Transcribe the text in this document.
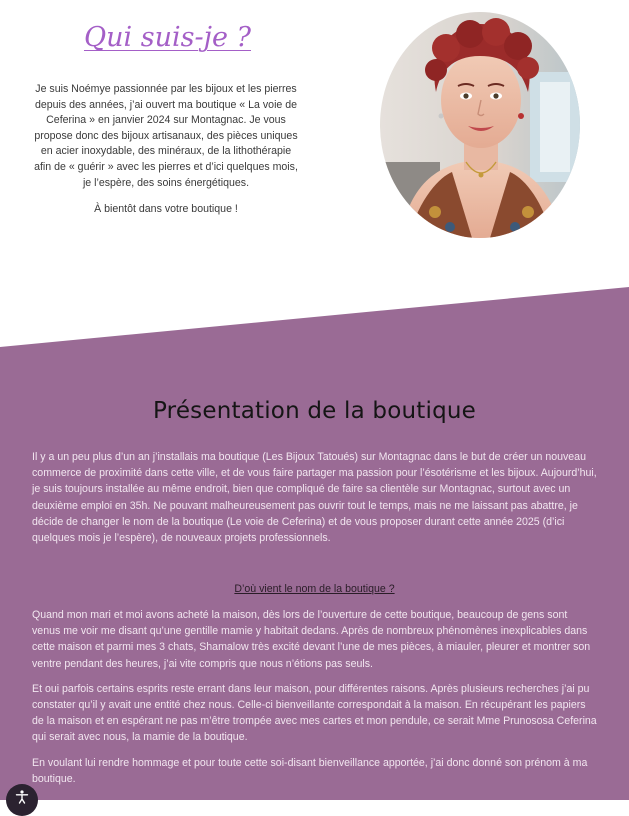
Qui suis-je ?

Je suis Noémye passionnée par les bijoux et les pierres depuis des années, j’ai ouvert ma boutique « La voie de Ceferina » en janvier 2024 sur Montagnac. Je vous propose donc des bijoux artisanaux, des pièces uniques en acier inoxydable, des minéraux, de la lithothérapie afin de « guérir » avec les pierres et d’ici quelques mois, je l’espère, des soins énergétiques.

À bientôt dans votre boutique !

Présentation de la boutique

Il y a un peu plus d’un an j’installais ma boutique (Les Bijoux Tatoués) sur Montagnac dans le but de créer un nouveau commerce de proximité dans cette ville, et de vous faire partager ma passion pour l’ésotérisme et les bijoux. Aujourd’hui, je suis toujours installée au même endroit, bien que compliqué de faire sa clientèle sur Montagnac, surtout avec un deuxième emploi en 35h. Ne pouvant malheureusement pas ouvrir tout le temps, mais ne me laissant pas abattre, je décide de changer le nom de la boutique (Le voie de Ceferina) et de vous proposer durant cette année 2025 (d’ici quelques mois je l’espère), de nouveaux projets professionnels.

D’où vient le nom de la boutique ?

Quand mon mari et moi avons acheté la maison, dès lors de l’ouverture de cette boutique, beaucoup de gens sont venus me voir me disant qu’une gentille mamie y habitait dedans. Après de nombreux phénomènes inexplicables dans cette maison et parmi mes 3 chats, Shamalow très excité devant l’une de mes pièces, à miauler, pleurer et montrer son ventre pendant des heures, j’ai vite compris que nous n’étions pas seuls.

Et oui parfois certains esprits reste errant dans leur maison, pour différentes raisons. Après plusieurs recherches j’ai pu constater qu’il y avait une entité chez nous. Celle-ci bienveillante correspondait à la maison. En récupérant les papiers de la maison et en espérant ne pas m’être trompée avec mes cartes et mon pendule, ce serait Mme Prunososa Ceferina qui serait avec nous, la mamie de la boutique.

En voulant lui rendre hommage et pour toute cette soi-disant bienveillance apportée, j’ai donc donné son prénom à ma boutique.
